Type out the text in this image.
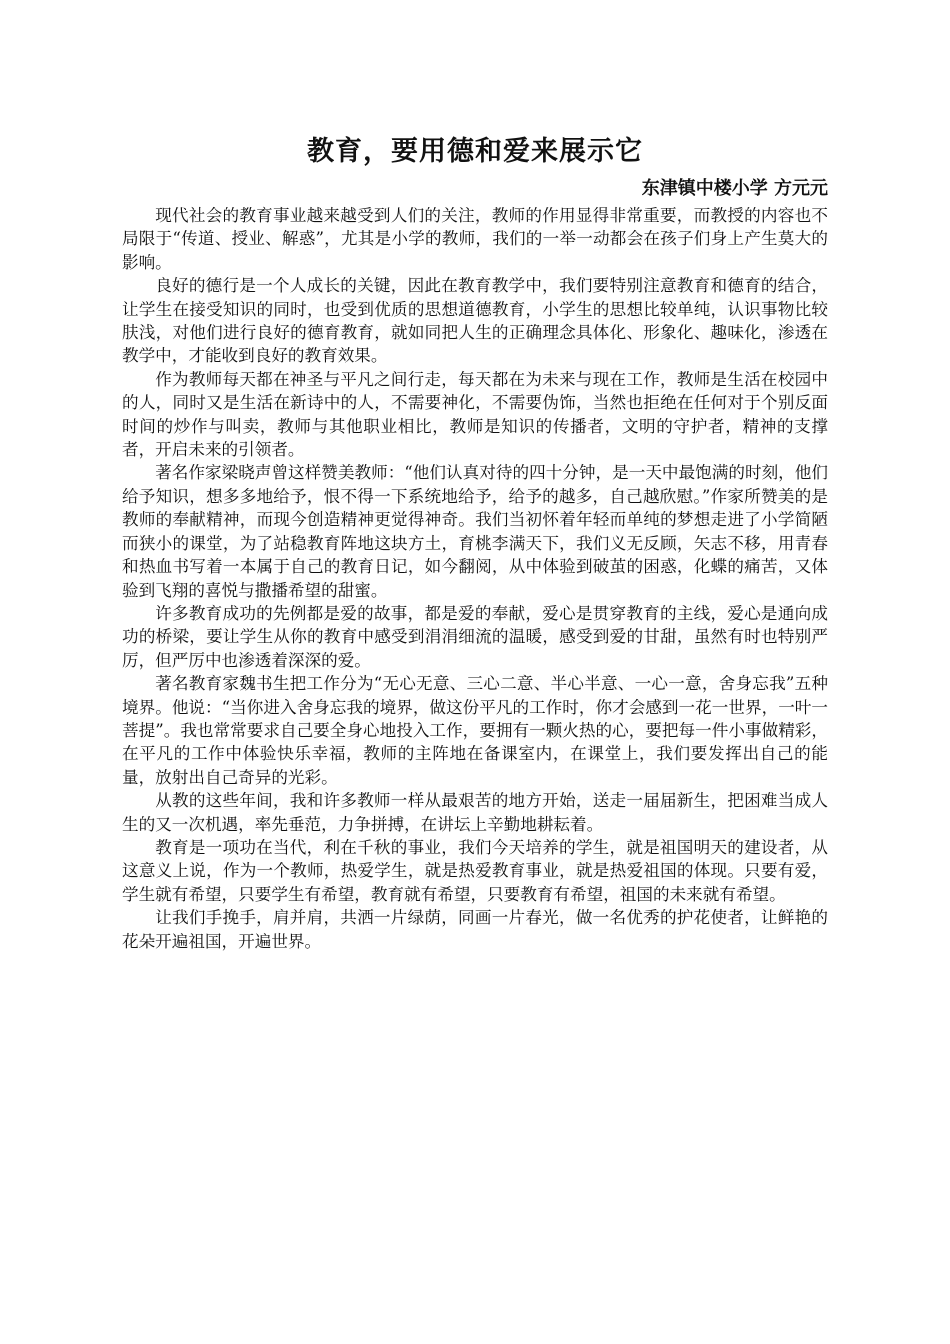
教育，要用德和爱来展示它

东津镇中楼小学 方元元

现代社会的教育事业越来越受到人们的关注，教师的作用显得非常重要，而教授的内容也不局限于“传道、授业、解惑”，尤其是小学的教师，我们的一举一动都会在孩子们身上产生莫大的影响。

良好的德行是一个人成长的关键，因此在教育教学中，我们要特别注意教育和德育的结合，让学生在接受知识的同时，也受到优质的思想道德教育，小学生的思想比较单纯，认识事物比较肤浅，对他们进行良好的德育教育，就如同把人生的正确理念具体化、形象化、趣味化，渗透在教学中，才能收到良好的教育效果。

作为教师每天都在神圣与平凡之间行走，每天都在为未来与现在工作，教师是生活在校园中的人，同时又是生活在新诗中的人，不需要神化，不需要伪饰，当然也拒绝在任何对于个别反面时间的炒作与叫卖，教师与其他职业相比，教师是知识的传播者，文明的守护者，精神的支撑者，开启未来的引领者。

著名作家梁晓声曾这样赞美教师：“他们认真对待的四十分钟，是一天中最饱满的时刻，他们给予知识，想多多地给予，恨不得一下系统地给予，给予的越多，自己越欣慰。”作家所赞美的是教师的奉献精神，而现今创造精神更觉得神奇。我们当初怀着年轻而单纯的梦想走进了小学简陋而狭小的课堂，为了站稳教育阵地这块方土，育桃李满天下，我们义无反顾，矢志不移，用青春和热血书写着一本属于自己的教育日记，如今翻阅，从中体验到破茧的困惑，化蝶的痛苦，又体验到飞翔的喜悦与撒播希望的甜蜜。

许多教育成功的先例都是爱的故事，都是爱的奉献，爱心是贯穿教育的主线，爱心是通向成功的桥梁，要让学生从你的教育中感受到涓涓细流的温暖，感受到爱的甘甜，虽然有时也特别严厉，但严厉中也渗透着深深的爱。

著名教育家魏书生把工作分为“无心无意、三心二意、半心半意、一心一意，舍身忘我”五种境界。他说：“当你进入舍身忘我的境界，做这份平凡的工作时，你才会感到一花一世界，一叶一菩提”。我也常常要求自己要全身心地投入工作，要拥有一颗火热的心，要把每一件小事做精彩，在平凡的工作中体验快乐幸福，教师的主阵地在备课室内，在课堂上，我们要发挥出自己的能量，放射出自己奇异的光彩。

从教的这些年间，我和许多教师一样从最艰苦的地方开始，送走一届届新生，把困难当成人生的又一次机遇，率先垂范，力争拼搏，在讲坛上辛勤地耕耘着。

教育是一项功在当代，利在千秋的事业，我们今天培养的学生，就是祖国明天的建设者，从这意义上说，作为一个教师，热爱学生，就是热爱教育事业，就是热爱祖国的体现。只要有爱，学生就有希望，只要学生有希望，教育就有希望，只要教育有希望，祖国的未来就有希望。

让我们手挽手，肩并肩，共洒一片绿荫，同画一片春光，做一名优秀的护花使者，让鲜艳的花朵开遍祖国，开遍世界。
